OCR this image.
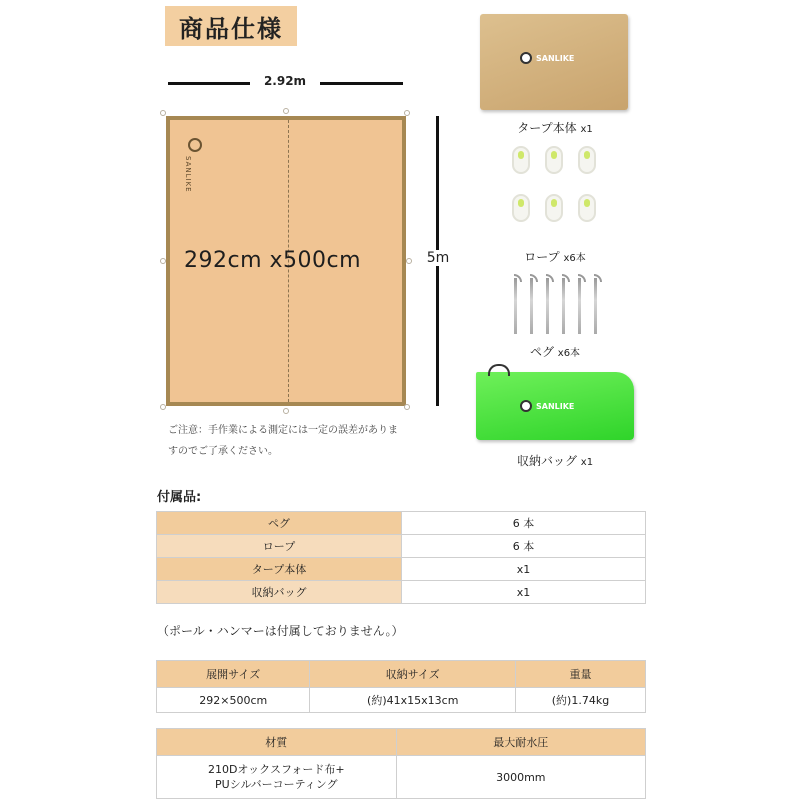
商品仕様
2.92m
5m
SANLIKE
292cm x500cm
ご注意：手作業による測定には一定の誤差がありま
すのでご了承ください。
SANLIKE
タープ本体 x1
ロープ x6本
ペグ x6本
SANLIKE
収納バッグ x1
付属品:
ペグ	6 本
ロープ	6 本
タープ本体	x1
収納バッグ	x1
（ポール・ハンマーは付属しておりません。）
展開サイズ	収納サイズ	重量
292×500cm	(約)41x15x13cm	(約)1.74kg
材質	最大耐水圧

210Dオックスフォード布+
PUシルバーコーティング	3000mm
